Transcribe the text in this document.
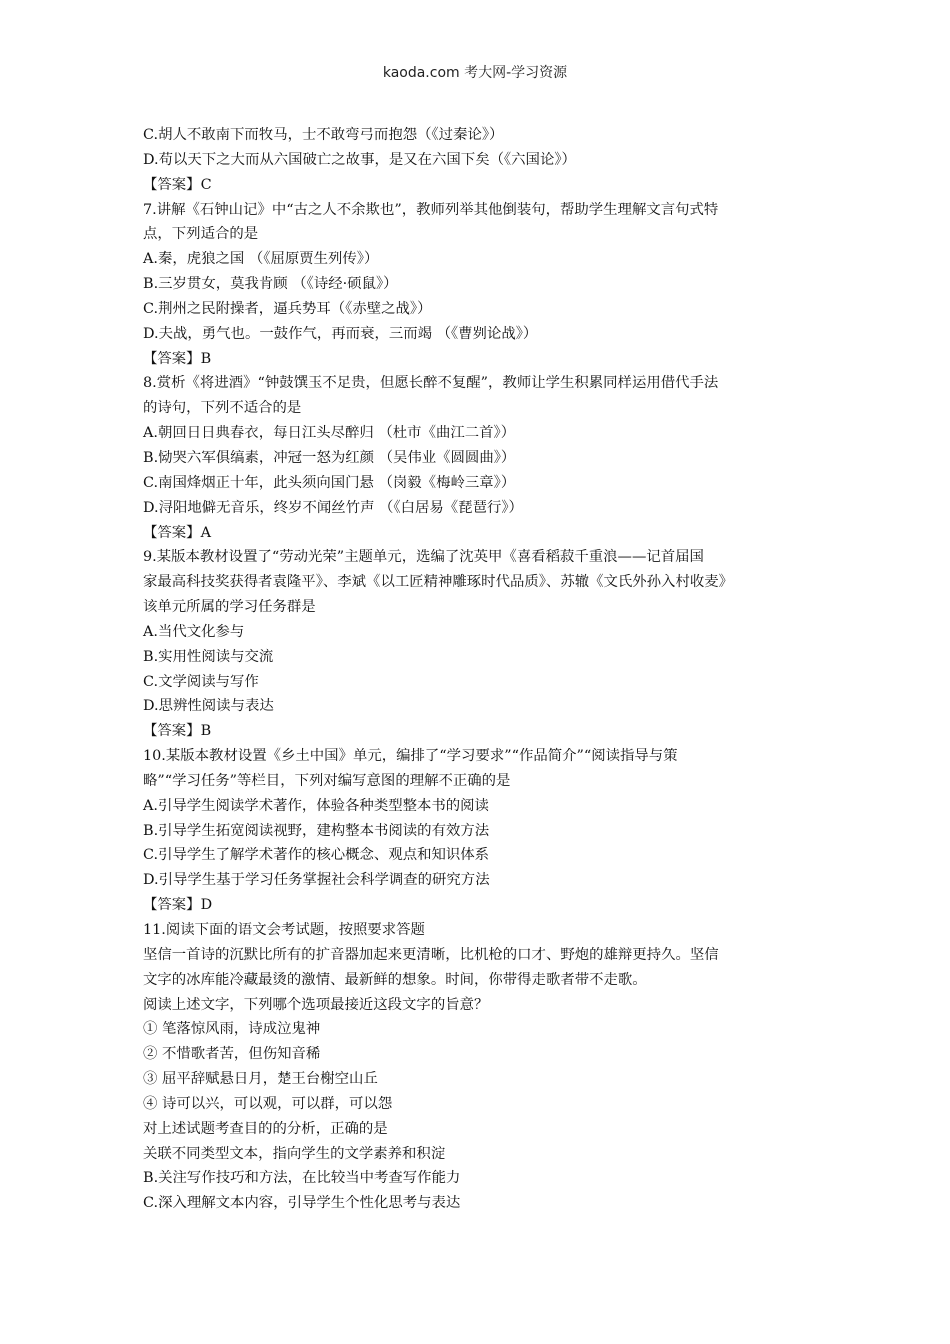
kaoda.com 考大网-学习资源
C.胡人不敢南下而牧马，士不敢弯弓而抱怨（《过秦论》）
D.苟以天下之大而从六国破亡之故事，是又在六国下矣（《六国论》）
【答案】C
7.讲解《石钟山记》中“古之人不余欺也”，教师列举其他倒装句，帮助学生理解文言句式特
点，下列适合的是
A.秦，虎狼之国 （《屈原贾生列传》）
B.三岁贯女，莫我肯顾 （《诗经·硕鼠》）
C.荆州之民附操者，逼兵势耳（《赤壁之战》）
D.夫战，勇气也。一鼓作气，再而衰，三而竭 （《曹刿论战》）
【答案】B
8.赏析《将进酒》“钟鼓馔玉不足贵，但愿长醉不复醒”，教师让学生积累同样运用借代手法
的诗句，下列不适合的是
A.朝回日日典春衣，每日江头尽醉归 （杜市《曲江二首》）
B.恸哭六军俱缟素，冲冠一怒为红颜 （吴伟业《圆圆曲》）
C.南国烽烟正十年，此头须向国门悬 （岗毅《梅岭三章》）
D.浔阳地僻无音乐，终岁不闻丝竹声 （《白居易《琵琶行》）
【答案】A
9.某版本教材设置了“劳动光荣”主题单元，选编了沈英甲《喜看稻菽千重浪——记首届国
家最高科技奖获得者袁隆平》、李斌《以工匠精神雕琢时代品质》、苏辙《文氏外孙入村收麦》
该单元所属的学习任务群是
A.当代文化参与
B.实用性阅读与交流
C.文学阅读与写作
D.思辨性阅读与表达
【答案】B
10.某版本教材设置《乡土中国》单元，编排了“学习要求”“作品简介”“阅读指导与策
略”“学习任务”等栏目，下列对编写意图的理解不正确的是
A.引导学生阅读学术著作，体验各种类型整本书的阅读
B.引导学生拓宽阅读视野，建构整本书阅读的有效方法
C.引导学生了解学术著作的核心概念、观点和知识体系
D.引导学生基于学习任务掌握社会科学调查的研究方法
【答案】D
11.阅读下面的语文会考试题，按照要求答题
坚信一首诗的沉默比所有的扩音器加起来更清晰，比机枪的口才、野炮的雄辩更持久。坚信
文字的冰库能冷藏最烫的激情、最新鲜的想象。时间，你带得走歌者带不走歌。
阅读上述文字，下列哪个选项最接近这段文字的旨意？
① 笔落惊风雨，诗成泣鬼神
② 不惜歌者苦，但伤知音稀
③ 屈平辞赋悬日月，楚王台榭空山丘
④ 诗可以兴，可以观，可以群，可以怨
对上述试题考查目的的分析，正确的是
关联不同类型文本，指向学生的文学素养和积淀
B.关注写作技巧和方法，在比较当中考查写作能力
C.深入理解文本内容，引导学生个性化思考与表达
